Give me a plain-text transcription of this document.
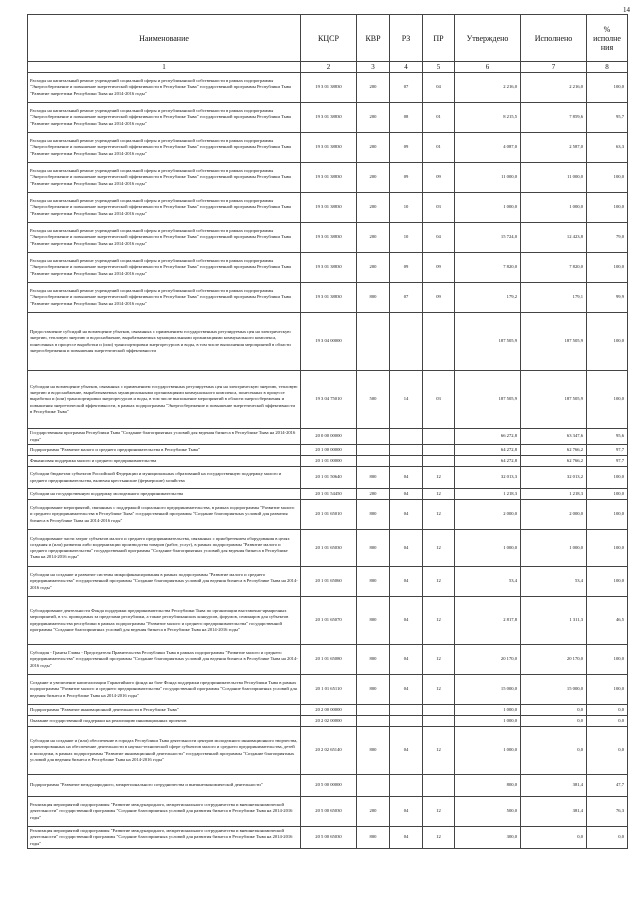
14
Наименование	КЦСР	КВР	РЗ	ПР	Утверждено	Исполнено	% исполне ния
1	2	3	4	5	6	7	8
Расходы на капитальный ремонт учреждений социальной сферы и республиканской собственности в рамках подпрограммы "Энергосбережение и повышение энергетической эффективности в Республике Тыва" государственной программы Республики Тыва "Развитие энергетики Республики Тыва на 2014-2016 годы"	19 3 01 38830	200	07	04	2 216,0	2 216,0	100,0
Расходы на капитальный ремонт учреждений социальной сферы и республиканской собственности в рамках подпрограммы "Энергосбережение и повышение энергетической эффективности в Республике Тыва" государственной программы Республики Тыва "Развитие энергетики Республики Тыва на 2014-2016 годы"	19 3 01 38830	200	08	01	8 215,5	7 859,6	95,7
Расходы на капитальный ремонт учреждений социальной сферы и республиканской собственности в рамках подпрограммы "Энергосбережение и повышение энергетической эффективности в Республике Тыва" государственной программы Республики Тыва "Развитие энергетики Республики Тыва на 2014-2016 годы"	19 3 01 38830	200	09	01	4 087,0	2 587,0	63,3
Расходы на капитальный ремонт учреждений социальной сферы и республиканской собственности в рамках подпрограммы "Энергосбережение и повышение энергетической эффективности в Республике Тыва" государственной программы Республики Тыва "Развитие энергетики Республики Тыва на 2014-2016 годы"	19 3 01 38830	200	09	09	11 000,0	11 000,0	100,0
Расходы на капитальный ремонт учреждений социальной сферы и республиканской собственности в рамках подпрограммы "Энергосбережение и повышение энергетической эффективности в Республике Тыва" государственной программы Республики Тыва "Развитие энергетики Республики Тыва на 2014-2016 годы"	19 3 01 38830	200	10	03	1 000,0	1 000,0	100,0
Расходы на капитальный ремонт учреждений социальной сферы и республиканской собственности в рамках подпрограммы "Энергосбережение и повышение энергетической эффективности в Республике Тыва" государственной программы Республики Тыва "Развитие энергетики Республики Тыва на 2014-2016 годы"	19 3 01 38830	200	10	04	15 724,0	12 423,8	79,0
Расходы на капитальный ремонт учреждений социальной сферы и республиканской собственности в рамках подпрограммы "Энергосбережение и повышение энергетической эффективности в Республике Тыва" государственной программы Республики Тыва "Развитие энергетики Республики Тыва на 2014-2016 годы"	19 3 01 38830	200	09	09	7 820,0	7 820,0	100,0
Расходы на капитальный ремонт учреждений социальной сферы и республиканской собственности в рамках подпрограммы "Энергосбережение и повышение энергетической эффективности в Республике Тыва" государственной программы Республики Тыва "Развитие энергетики Республики Тыва на 2014-2016 годы"	19 3 01 38830	800	07	09	179,2	179,1	99,9
Предоставление субсидий на возмещение убытков, связанных с применением государственных регулируемых цен на электрическую энергию, тепловую энергию и водоснабжение, вырабатываемых муниципальными организациями коммунального комплекса, понесенных в процессе выработки и (или) транспортировки энергоресурсов и воды, в том числе выполнения мероприятий в области энергосбережения и повышения энергетической эффективности	19 3 04 00000				187 505,9	187 505,9	100,0
Субсидии на возмещение убытков, связанных с применением государственных регулируемых цен на электрическую энергию, тепловую энергию и водоснабжение, вырабатываемых муниципальными организациями коммунального комплекса, понесенных в процессе выработки и (или) транспортировки энергоресурсов и воды, в том числе выполнение мероприятий в области энергосбережения и повышения энергетической эффективности, в рамках подпрограммы "Энергосбережение и повышение энергетической эффективности в Республике Тыва"	19 3 04 75010	500	14	03	187 505,9	187 505,9	100,0
Государственная программа Республики Тыва "Создание благоприятных условий для ведения бизнеса в Республике Тыва на 2014-2016 годы"	20 0 00 00000				66 272,8	63 347,6	95,6
Подпрограмма "Развитие малого и среднего предпринимательства в Республике Тыва"	20 1 00 00000				64 272,8	62 766,2	97,7
Финансовая поддержка малого и среднего предпринимательства	20 1 01 00000				64 272,8	62 766,2	97,7
Субсидии бюджетам субъектов Российской Федерации и муниципальных образований на государственную поддержку малого и среднего предпринимательства, включая крестьянские (фермерские) хозяйства	20 1 01 50640	800	04	12	32 013,3	32 013,2	100,0
Субсидии на государственную поддержку молодежного предпринимательства	20 1 01 54450	200	04	12	1 218,3	1 218,3	100,0
Субсидирование мероприятий, связанных с поддержкой социального предпринимательства, в рамках подпрограммы "Развитие малого и среднего предпринимательства в Республике Тыва" государственной программы "Создание благоприятных условий для развития бизнеса в Республике Тыва на 2014-2016 годы"	20 1 01 65010	800	04	12	2 000,0	2 000,0	100,0
Субсидирование части затрат субъектов малого и среднего предпринимательства, связанных с приобретением оборудования в целях создания и (или) развития либо модернизации производства товаров (работ, услуг), в рамках подпрограммы "Развитие малого и среднего предпринимательства" государственной программы "Создание благоприятных условий для ведения бизнеса в Республике Тыва на 2014-2016 годы"	20 1 01 65030	800	04	12	1 000,0	1 000,0	100,0
Субсидии на создание и развитие системы микрофинансирования в рамках подпрограммы "Развитие малого и среднего предпринимательства" государственной программы "Создание благоприятных условий для ведения бизнеса в Республике Тыва на 2014-2016 годы"	20 1 01 65060	800	04	12	53,4	53,4	100,0
Субсидирование деятельности Фонда поддержки предпринимательства Республики Тыва по организации выставочно-ярмарочных мероприятий, в т.ч. проводимых за пределами республики, а также республиканских конкурсов, форумов, семинаров для субъектов предпринимательства республики в рамках подпрограммы "Развитие малого и среднего предпринимательства" государственной программы "Создание благоприятных условий для ведения бизнеса в Республике Тыва на 2014-2016 годы"	20 1 01 65070	800	04	12	2 817,8	1 311,3	46,5
Субсидия - Гранты Главы - Председателя Правительства Республики Тыва в рамках подпрограммы "Развитие малого и среднего предпринимательства" государственной программы "Создание благоприятных условий для ведения бизнеса в Республике Тыва на 2014-2016 годы"	20 1 01 65080	800	04	12	20 170,0	20 170,0	100,0
Создание и увеличение капитализации Гарантийного фонда на базе Фонда поддержки предпринимательства Республики Тыва в рамках подпрограммы "Развитие малого и среднего предпринимательства" государственной программы "Создание благоприятных условий для ведения бизнеса в Республике Тыва на 2014-2016 годы"	20 1 01 65110	800	04	12	15 000,0	15 000,0	100,0
Подпрограмма "Развитие инновационной деятельности в Республике Тыва"	20 2 00 00000				1 000,0	0,0	0,0
Оказание государственной поддержки на реализацию инновационных проектов	20 2 02 00000				1 000,0	0,0	0,0
Субсидии на создание и (или) обеспечение в городах Республики Тыва деятельности центров молодежного инновационного творчества, ориентированных на обеспечение деятельности в научно-технической сфере субъектов малого и среднего предпринимательства, детей и молодежи, в рамках подпрограммы "Развитие инновационной деятельности" государственной программы "Создание благоприятных условий для ведения бизнеса в Республике Тыва на 2014-2016 годы"	20 2 02 65140	800	04	12	1 000,0	0,0	0,0
Подпрограмма "Развитие международного, межрегионального сотрудничества и внешнеэкономической деятельности"	20 5 00 00000				800,0	381,4	47,7
Реализация мероприятий подпрограммы "Развитие международного, межрегионального сотрудничества и внешнеэкономической деятельности" государственной программы "Создание благоприятных условий для развития бизнеса в Республике Тыва на 2014-2016 годы"	20 5 00 65030	200	04	12	500,0	381,4	76,3
Реализация мероприятий подпрограммы "Развитие международного, межрегионального сотрудничества и внешнеэкономической деятельности" государственной программы "Создание благоприятных условий для развития бизнеса в Республике Тыва на 2014-2016 годы"	20 5 00 65030	800	04	12	300,0	0,0	0,0
